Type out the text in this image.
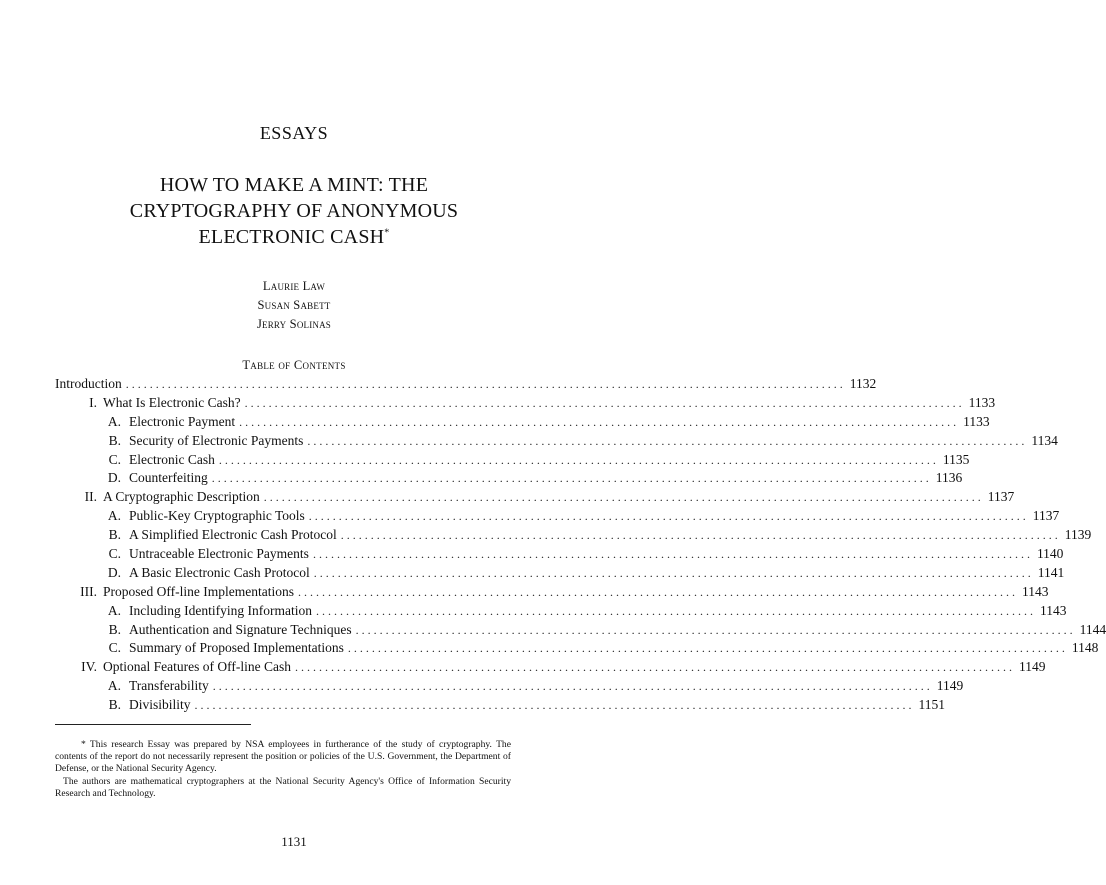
ESSAYS
HOW TO MAKE A MINT: THE
CRYPTOGRAPHY OF ANONYMOUS
ELECTRONIC CASH*
Laurie Law
Susan Sabett
Jerry Solinas
Table of Contents
Introduction ........................................................................................................................ 1132
I. What Is Electronic Cash? ........................................................................................................................ 1133
A. Electronic Payment ........................................................................................................................ 1133
B. Security of Electronic Payments ........................................................................................................................ 1134
C. Electronic Cash ........................................................................................................................ 1135
D. Counterfeiting ........................................................................................................................ 1136
II. A Cryptographic Description ........................................................................................................................ 1137
A. Public-Key Cryptographic Tools ........................................................................................................................ 1137
B. A Simplified Electronic Cash Protocol ........................................................................................................................ 1139
C. Untraceable Electronic Payments ........................................................................................................................ 1140
D. A Basic Electronic Cash Protocol ........................................................................................................................ 1141
III. Proposed Off-line Implementations ........................................................................................................................ 1143
A. Including Identifying Information ........................................................................................................................ 1143
B. Authentication and Signature Techniques ........................................................................................................................ 1144
C. Summary of Proposed Implementations ........................................................................................................................ 1148
IV. Optional Features of Off-line Cash ........................................................................................................................ 1149
A. Transferability ........................................................................................................................ 1149
B. Divisibility ........................................................................................................................ 1151

* This research Essay was prepared by NSA employees in furtherance of the study of cryptography. The contents of the report do not necessarily represent the position or policies of the U.S. Government, the Department of Defense, or the National Security Agency.

The authors are mathematical cryptographers at the National Security Agency's Office of Information Security Research and Technology.

1131
